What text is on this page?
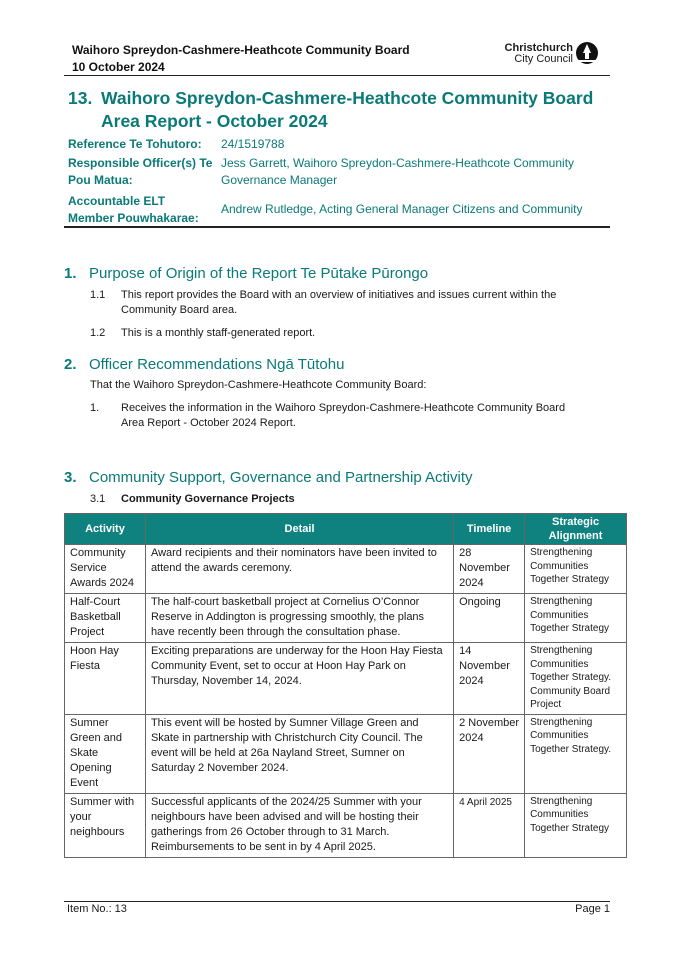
Waihoro Spreydon-Cashmere-Heathcote Community Board
10 October 2024
Christchurch
City Council
13. Waihoro Spreydon-Cashmere-Heathcote Community Board
Area Report - October 2024
Reference Te Tohutoro: 24/1519788
Responsible Officer(s) Te
Pou Matua:
Jess Garrett, Waihoro Spreydon-Cashmere-Heathcote Community
Governance Manager
Accountable ELT
Member Pouwhakarae:
Andrew Rutledge, Acting General Manager Citizens and Community
1. Purpose of Origin of the Report Te Pūtake Pūrongo
1.1 This report provides the Board with an overview of initiatives and issues current within the
Community Board area.
1.2 This is a monthly staff-generated report.
2. Officer Recommendations Ngā Tūtohu
That the Waihoro Spreydon-Cashmere-Heathcote Community Board:
1. Receives the information in the Waihoro Spreydon-Cashmere-Heathcote Community Board
Area Report - October 2024 Report.
3. Community Support, Governance and Partnership Activity
3.1 Community Governance Projects
Activity	Detail	Timeline	Strategic Alignment
Community Service Awards 2024	Award recipients and their nominators have been invited to attend the awards ceremony.	28 November 2024	Strengthening Communities Together Strategy
Half-Court Basketball Project	The half-court basketball project at Cornelius O’Connor Reserve in Addington is progressing smoothly, the plans have recently been through the consultation phase.	Ongoing	Strengthening Communities Together Strategy
Hoon Hay Fiesta	Exciting preparations are underway for the Hoon Hay Fiesta Community Event, set to occur at Hoon Hay Park on Thursday, November 14, 2024.	14 November 2024	Strengthening Communities Together Strategy. Community Board Project
Sumner Green and Skate Opening Event	This event will be hosted by Sumner Village Green and Skate in partnership with Christchurch City Council. The event will be held at 26a Nayland Street, Sumner on Saturday 2 November 2024.	2 November 2024	Strengthening Communities Together Strategy.
Summer with your neighbours	Successful applicants of the 2024/25 Summer with your neighbours have been advised and will be hosting their gatherings from 26 October through to 31 March. Reimbursements to be sent in by 4 April 2025.	4 April 2025	Strengthening Communities Together Strategy
Item No.: 13	Page 1
